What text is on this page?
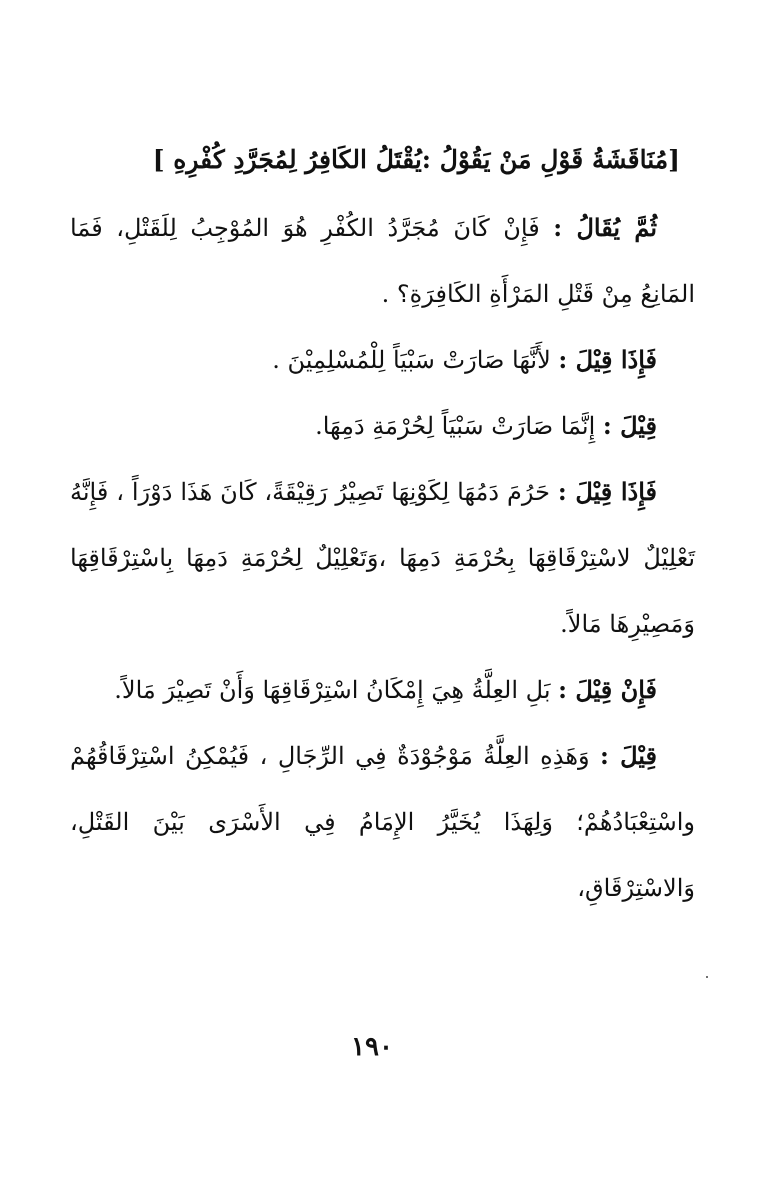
[مُنَاقَشَةُ قَوْلِ مَنْ يَقُوْلُ :يُقْتَلُ الكَافِرُ لِمُجَرَّدِ كُفْرِهِ ]

ثُمَّ يُقَالُ : فَإِنْ كَانَ مُجَرَّدُ الكُفْرِ هُوَ المُوْجِبُ لِلَقَتْلِ، فَمَا المَانِعُ مِنْ قَتْلِ المَرْأَةِ الكَافِرَةِ؟ .

فَإِذَا قِيْلَ : لأَنَّهَا صَارَتْ سَبْيَاً لِلْمُسْلِمِيْنَ .

قِيْلَ : إِنَّمَا صَارَتْ سَبْيَاً لِحُرْمَةِ دَمِهَا.

فَإِذَا قِيْلَ : حَرُمَ دَمُهَا لِكَوْنِهَا تَصِيْرُ رَقِيْقَةً، كَانَ هَذَا دَوْرَاً ، فَإِنَّهُ تَعْلِيْلٌ لاسْتِرْقَاقِهَا بِحُرْمَةِ دَمِهَا ،وَتَعْلِيْلٌ لِحُرْمَةِ دَمِهَا بِاسْتِرْقَاقِهَا وَمَصِيْرِهَا مَالاً.

فَإِنْ قِيْلَ : بَلِ العِلَّةُ هِيَ إِمْكَانُ اسْتِرْقَاقِهَا وَأَنْ تَصِيْرَ مَالاً.

قِيْلَ : وَهَذِهِ العِلَّةُ مَوْجُوْدَةٌ فِي الرِّجَالِ ، فَيُمْكِنُ اسْتِرْقَاقُهُمْ واسْتِعْبَادُهُمْ؛ وَلِهَذَا يُخَيَّرُ الإِمَامُ فِي الأَسْرَى بَيْنَ القَتْلِ، وَالاسْتِرْقَاقِ،

١٩٠
